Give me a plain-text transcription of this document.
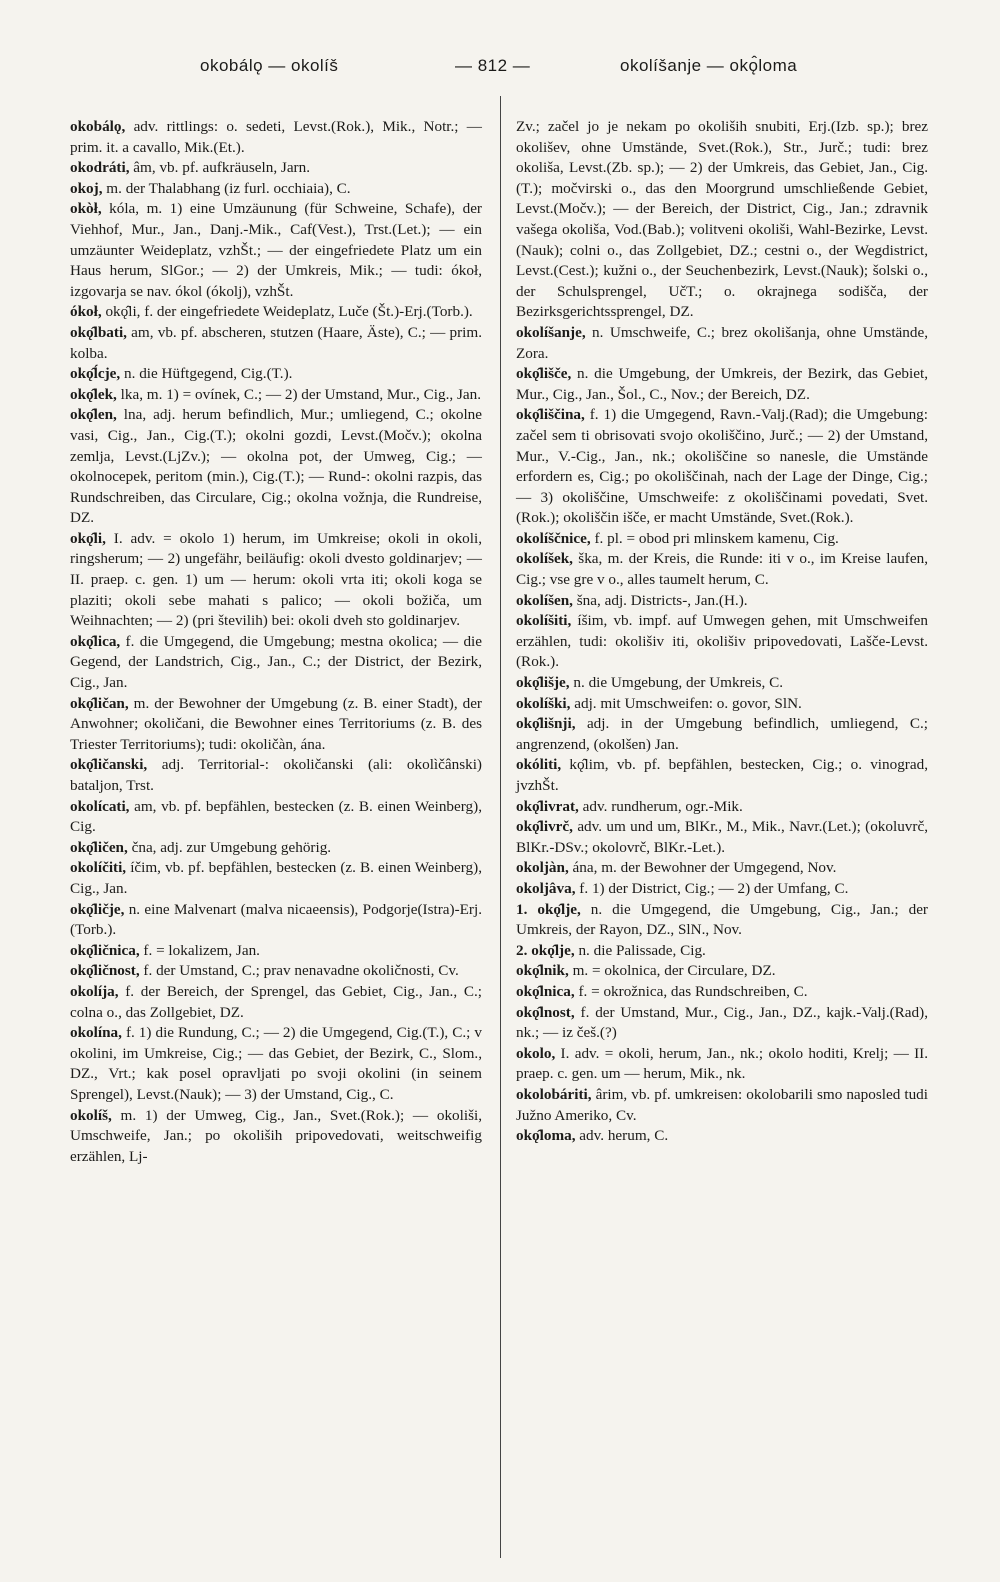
okobálǫ — okolíš	— 812 —	okolíšanje — okǫ̂loma

okobálǫ, adv. rittlings: o. sedeti, Levst.(Rok.), Mik., Notr.; — prim. it. a cavallo, Mik.(Et.).

okodráti, âm, vb. pf. aufkräuseln, Jarn.

okoj, m. der Thalabhang (iz furl. occhiaia), C.

okòł, kóla, m. 1) eine Umzäunung (für Schweine, Schafe), der Viehhof, Mur., Jan., Danj.-Mik., Caf(Vest.), Trst.(Let.); — ein umzäunter Weideplatz, vzhŠt.; — der eingefriedete Platz um ein Haus herum, SlGor.; — 2) der Umkreis, Mik.; — tudi: ókoł, izgovarja se nav. ókol (ókolj), vzhŠt.

ókoł, okǫ̂li, f. der eingefriedete Weideplatz, Luče (Št.)-Erj.(Torb.).

okǫ̂lbati, am, vb. pf. abscheren, stutzen (Haare, Äste), C.; — prim. kolba.

okǫ̂ĺcje, n. die Hüftgegend, Cig.(T.).

okǫ̂lek, lka, m. 1) = ovínek, C.; — 2) der Umstand, Mur., Cig., Jan.

okǫ̂len, lna, adj. herum befindlich, Mur.; umliegend, C.; okolne vasi, Cig., Jan., Cig.(T.); okolni gozdi, Levst.(Močv.); okolna zemlja, Levst.(LjZv.); — okolna pot, der Umweg, Cig.; — okolnocepek, peritom (min.), Cig.(T.); — Rund-: okolni razpis, das Rundschreiben, das Circulare, Cig.; okolna vožnja, die Rundreise, DZ.

okǫ̂li, I. adv. = okolo 1) herum, im Umkreise; okoli in okoli, ringsherum; — 2) ungefähr, beiläufig: okoli dvesto goldinarjev; — II. praep. c. gen. 1) um — herum: okoli vrta iti; okoli koga se plaziti; okoli sebe mahati s palico; — okoli božiča, um Weihnachten; — 2) (pri številih) bei: okoli dveh sto goldinarjev.

okǫ̂lica, f. die Umgegend, die Umgebung; mestna okolica; — die Gegend, der Landstrich, Cig., Jan., C.; der District, der Bezirk, Cig., Jan.

okǫ̂ličan, m. der Bewohner der Umgebung (z. B. einer Stadt), der Anwohner; okoličani, die Bewohner eines Territoriums (z. B. des Triester Territoriums); tudi: okoličàn, ána.

okǫ̂ličanski, adj. Territorial-: okoličanski (ali: okolìčânski) bataljon, Trst.

okolícati, am, vb. pf. bepfählen, bestecken (z. B. einen Weinberg), Cig.

okǫ̂ličen, čna, adj. zur Umgebung gehörig.

okolíčiti, íčim, vb. pf. bepfählen, bestecken (z. B. einen Weinberg), Cig., Jan.

okǫ̂ličje, n. eine Malvenart (malva nicaeensis), Podgorje(Istra)-Erj.(Torb.).

okǫ̂ličnica, f. = lokalizem, Jan.

okǫ̂ličnost, f. der Umstand, C.; prav nenavadne okoličnosti, Cv.

okolíja, f. der Bereich, der Sprengel, das Gebiet, Cig., Jan., C.; colna o., das Zollgebiet, DZ.

okolína, f. 1) die Rundung, C.; — 2) die Umgegend, Cig.(T.), C.; v okolini, im Umkreise, Cig.; — das Gebiet, der Bezirk, C., Slom., DZ., Vrt.; kak posel opravljati po svoji okolini (in seinem Sprengel), Levst.(Nauk); — 3) der Umstand, Cig., C.

okolíš, m. 1) der Umweg, Cig., Jan., Svet.(Rok.); — okoliši, Umschweife, Jan.; po okoliših pripovedovati, weitschweifig erzählen, Lj-

Zv.; začel jo je nekam po okoliših snubiti, Erj.(Izb. sp.); brez okolišev, ohne Umstände, Svet.(Rok.), Str., Jurč.; tudi: brez okoliša, Levst.(Zb. sp.); — 2) der Umkreis, das Gebiet, Jan., Cig.(T.); močvirski o., das den Moorgrund umschließende Gebiet, Levst.(Močv.); — der Bereich, der District, Cig., Jan.; zdravnik vašega okoliša, Vod.(Bab.); volitveni okoliši, Wahl-Bezirke, Levst.(Nauk); colni o., das Zollgebiet, DZ.; cestni o., der Wegdistrict, Levst.(Cest.); kužni o., der Seuchenbezirk, Levst.(Nauk); šolski o., der Schulsprengel, UčT.; o. okrajnega sodišča, der Bezirksgerichtssprengel, DZ.

okolíšanje, n. Umschweife, C.; brez okolišanja, ohne Umstände, Zora.

okǫ̂lišče, n. die Umgebung, der Umkreis, der Bezirk, das Gebiet, Mur., Cig., Jan., Šol., C., Nov.; der Bereich, DZ.

okǫ̂liščina, f. 1) die Umgegend, Ravn.-Valj.(Rad); die Umgebung: začel sem ti obrisovati svojo okoliščino, Jurč.; — 2) der Umstand, Mur., V.-Cig., Jan., nk.; okoliščine so nanesle, die Umstände erfordern es, Cig.; po okoliščinah, nach der Lage der Dinge, Cig.; — 3) okoliščine, Umschweife: z okoliščinami povedati, Svet.(Rok.); okoliščin išče, er macht Umstände, Svet.(Rok.).

okolíščnice, f. pl. = obod pri mlinskem kamenu, Cig.

okolíšek, ška, m. der Kreis, die Runde: iti v o., im Kreise laufen, Cig.; vse gre v o., alles taumelt herum, C.

okolíšen, šna, adj. Districts-, Jan.(H.).

okolíšiti, íšim, vb. impf. auf Umwegen gehen, mit Umschweifen erzählen, tudi: okolišiv iti, okolišiv pripovedovati, Lašče-Levst.(Rok.).

okǫ̂lišje, n. die Umgebung, der Umkreis, C.

okolíški, adj. mit Umschweifen: o. govor, SlN.

okǫ̂lišnji, adj. in der Umgebung befindlich, umliegend, C.; angrenzend, (okolšen) Jan.

okóliti, kǫ̂lim, vb. pf. bepfählen, bestecken, Cig.; o. vinograd, jvzhŠt.

okǫ̂livrat, adv. rundherum, ogr.-Mik.

okǫ̂livrč, adv. um und um, BlKr., M., Mik., Navr.(Let.); (okoluvrč, BlKr.-DSv.; okolovrč, BlKr.-Let.).

okoljàn, ána, m. der Bewohner der Umgegend, Nov.

okoljâva, f. 1) der District, Cig.; — 2) der Umfang, C.

1. okǫ̂lje, n. die Umgegend, die Umgebung, Cig., Jan.; der Umkreis, der Rayon, DZ., SlN., Nov.

2. okǫ̂lje, n. die Palissade, Cig.

okǫ̂lnik, m. = okolnica, der Circulare, DZ.

okǫ̂lnica, f. = okrožnica, das Rundschreiben, C.

okǫ̂lnost, f. der Umstand, Mur., Cig., Jan., DZ., kajk.-Valj.(Rad), nk.; — iz češ.(?)

okolo, I. adv. = okoli, herum, Jan., nk.; okolo hoditi, Krelj; — II. praep. c. gen. um — herum, Mik., nk.

okolobáriti, ârim, vb. pf. umkreisen: okolobarili smo naposled tudi Južno Ameriko, Cv.

okǫ̂loma, adv. herum, C.
